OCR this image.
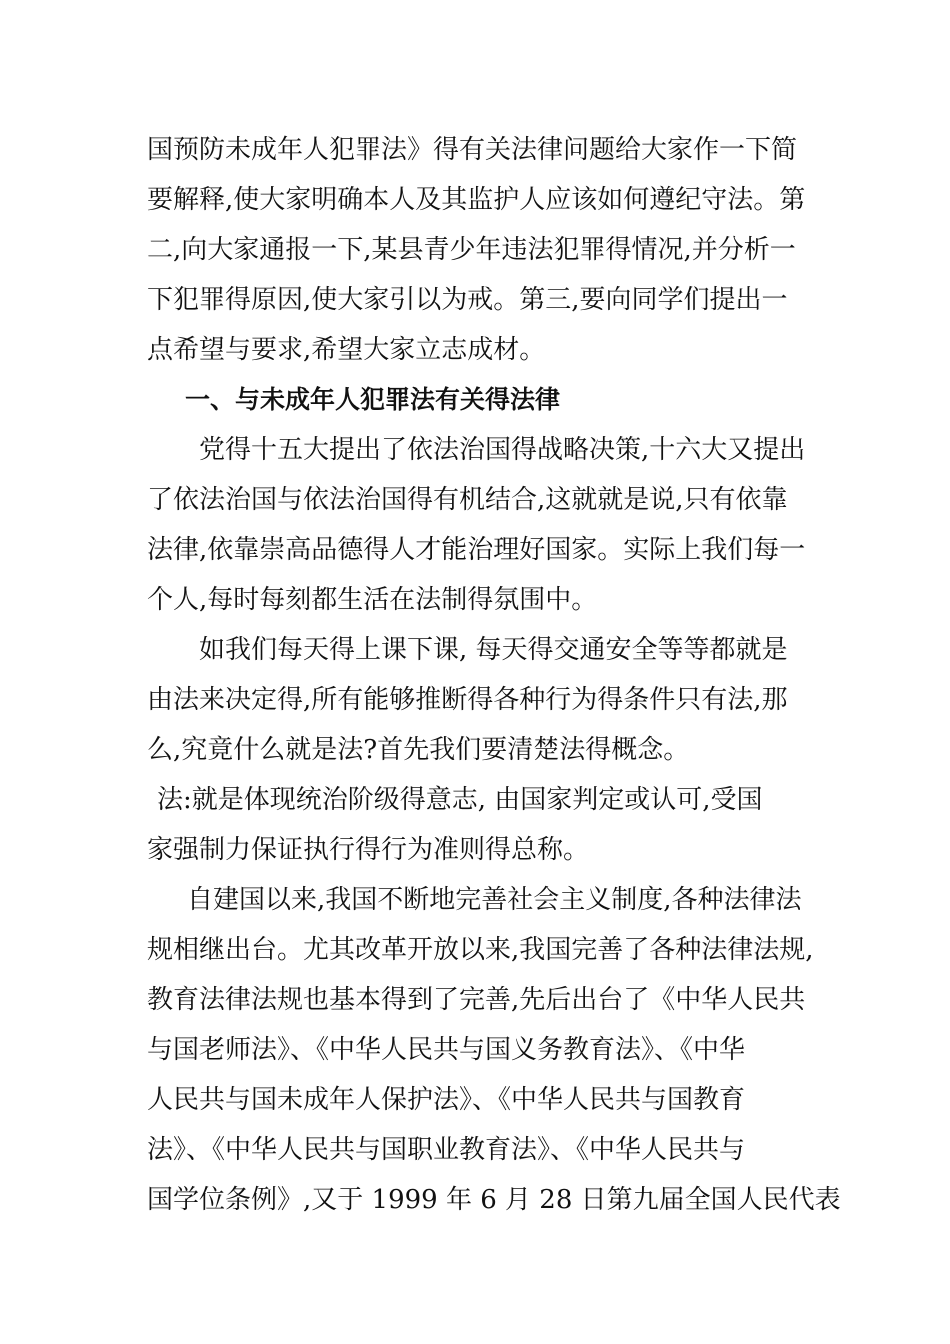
国预防未成年人犯罪法》得有关法律问题给大家作一下简
要解释,使大家明确本人及其监护人应该如何遵纪守法。第
二,向大家通报一下,某县青少年违法犯罪得情况,并分析一
下犯罪得原因,使大家引以为戒。第三,要向同学们提出一
点希望与要求,希望大家立志成材。
一、与未成年人犯罪法有关得法律
党得十五大提出了依法治国得战略决策,十六大又提出
了依法治国与依法治国得有机结合,这就就是说,只有依靠
法律,依靠崇高品德得人才能治理好国家。实际上我们每一
个人,每时每刻都生活在法制得氛围中。
如我们每天得上课下课, 每天得交通安全等等都就是
由法来决定得,所有能够推断得各种行为得条件只有法,那
么,究竟什么就是法?首先我们要清楚法得概念。
法:就是体现统治阶级得意志, 由国家判定或认可,受国
家强制力保证执行得行为准则得总称。
自建国以来,我国不断地完善社会主义制度,各种法律法
规相继出台。尤其改革开放以来,我国完善了各种法律法规,
教育法律法规也基本得到了完善,先后出台了《中华人民共
与国老师法》、《中华人民共与国义务教育法》、《中华
人民共与国未成年人保护法》、《中华人民共与国教育
法》、《中华人民共与国职业教育法》、《中华人民共与
国学位条例》,又于 1999 年 6 月 28 日第九届全国人民代表
